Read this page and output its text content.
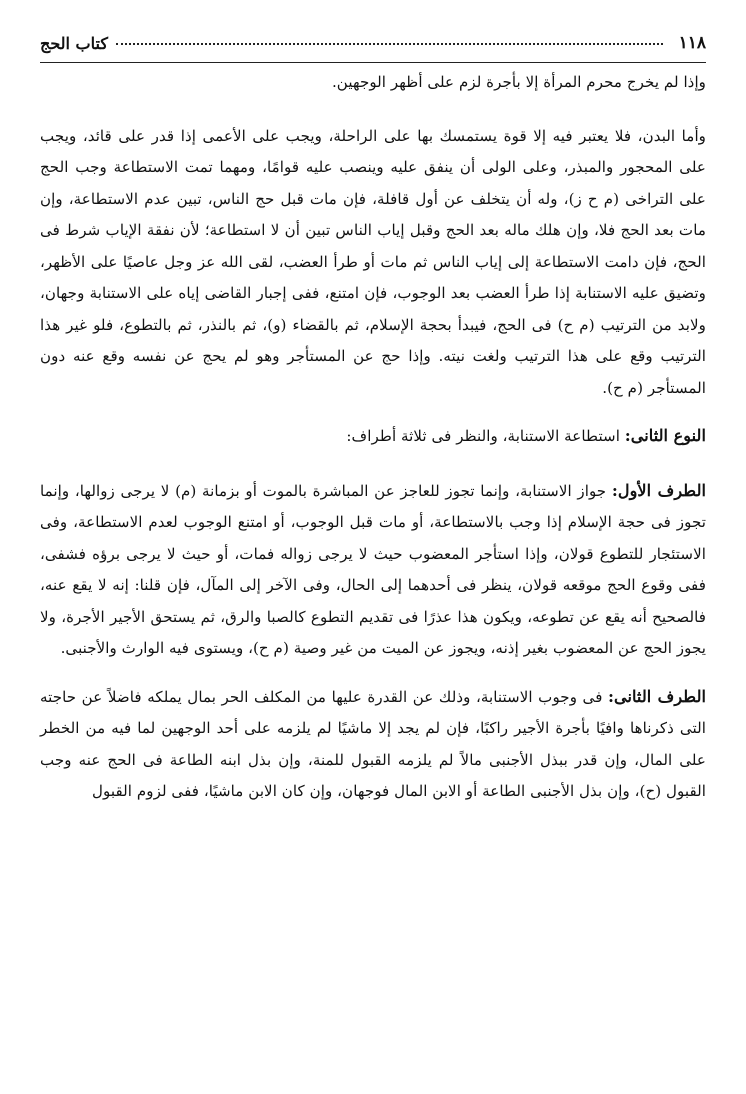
١١٨
كتاب الحج

وإذا لم يخرج محرم المرأة إلا بأجرة لزم على أظهر الوجهين.

وأما البدن، فلا يعتبر فيه إلا قوة يستمسك بها على الراحلة، ويجب على الأعمى إذا قدر على قائد، ويجب على المحجور والمبذر، وعلى الولى أن ينفق عليه وينصب عليه قوامًا، ومهما تمت الاستطاعة وجب الحج على التراخى (م ح ز)، وله أن يتخلف عن أول قافلة، فإن مات قبل حج الناس، تبين عدم الاستطاعة، وإن مات بعد الحج فلا، وإن هلك ماله بعد الحج وقبل إياب الناس تبين أن لا استطاعة؛ لأن نفقة الإياب شرط فى الحج، فإن دامت الاستطاعة إلى إياب الناس ثم مات أو طرأ العضب، لقى الله عز وجل عاصيًا على الأظهر، وتضيق عليه الاستنابة إذا طرأ العضب بعد الوجوب، فإن امتنع، ففى إجبار القاضى إياه على الاستنابة وجهان، ولابد من الترتيب (م ح) فى الحج، فيبدأ بحجة الإسلام، ثم بالقضاء (و)، ثم بالنذر، ثم بالتطوع، فلو غير هذا الترتيب وقع على هذا الترتيب ولغت نيته. وإذا حج عن المستأجر وهو لم يحج عن نفسه وقع عنه دون المستأجر (م ح).

النوع الثانى: استطاعة الاستنابة، والنظر فى ثلاثة أطراف:

الطرف الأول: جواز الاستنابة، وإنما تجوز للعاجز عن المباشرة بالموت أو بزمانة (م) لا يرجى زوالها، وإنما تجوز فى حجة الإسلام إذا وجب بالاستطاعة، أو مات قبل الوجوب، أو امتنع الوجوب لعدم الاستطاعة، وفى الاستئجار للتطوع قولان، وإذا استأجر المعضوب حيث لا يرجى زواله فمات، أو حيث لا يرجى برؤه فشفى، ففى وقوع الحج موقعه قولان، ينظر فى أحدهما إلى الحال، وفى الآخر إلى المآل، فإن قلنا: إنه لا يقع عنه، فالصحيح أنه يقع عن تطوعه، ويكون هذا عذرًا فى تقديم التطوع كالصبا والرق، ثم يستحق الأجير الأجرة، ولا يجوز الحج عن المعضوب بغير إذنه، ويجوز عن الميت من غير وصية (م ح)، ويستوى فيه الوارث والأجنبى.

الطرف الثانى: فى وجوب الاستنابة، وذلك عن القدرة عليها من المكلف الحر بمال يملكه فاضلاً عن حاجته التى ذكرناها وافيًا بأجرة الأجير راكبًا، فإن لم يجد إلا ماشيًا لم يلزمه على أحد الوجهين لما فيه من الخطر على المال، وإن قدر ببذل الأجنبى مالاً لم يلزمه القبول للمنة، وإن بذل ابنه الطاعة فى الحج عنه وجب القبول (ح)، وإن بذل الأجنبى الطاعة أو الابن المال فوجهان، وإن كان الابن ماشيًا، ففى لزوم القبول
